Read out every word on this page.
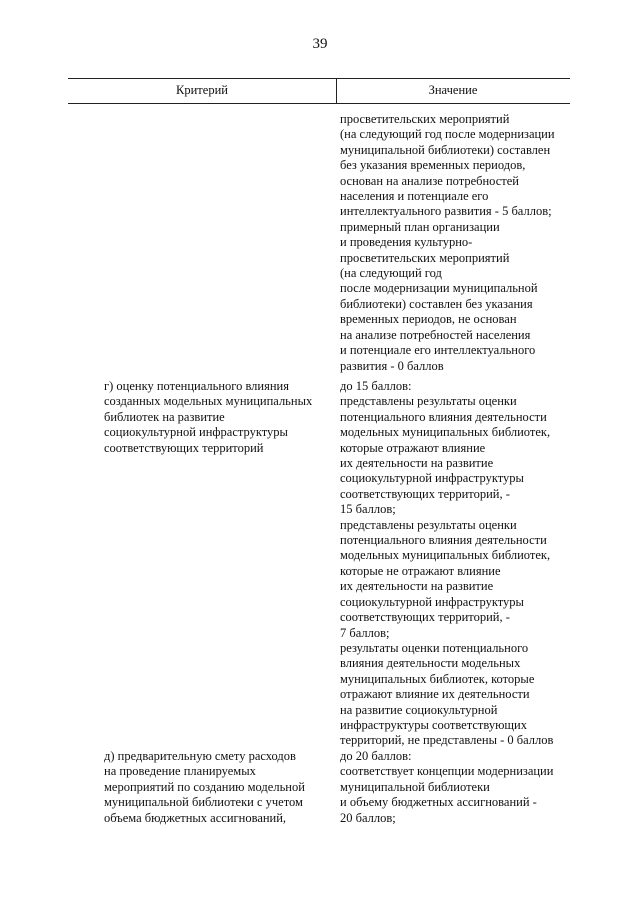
39
Критерий	Значение
просветительских мероприятий
(на следующий год после модернизации
муниципальной библиотеки) составлен
без указания временных периодов,
основан на анализе потребностей
населения и потенциале его
интеллектуального развития - 5 баллов;
примерный план организации
и проведения культурно-
просветительских мероприятий
(на следующий год
после модернизации муниципальной
библиотеки) составлен без указания
временных периодов, не основан
на анализе потребностей населения
и потенциале его интеллектуального
развития - 0 баллов
г) оценку потенциального влияния
созданных модельных муниципальных
библиотек на развитие
социокультурной инфраструктуры
соответствующих территорий
до 15 баллов:
представлены результаты оценки
потенциального влияния деятельности
модельных муниципальных библиотек,
которые отражают влияние
их деятельности на развитие
социокультурной инфраструктуры
соответствующих территорий, -
15 баллов;
представлены результаты оценки
потенциального влияния деятельности
модельных муниципальных библиотек,
которые не отражают влияние
их деятельности на развитие
социокультурной инфраструктуры
соответствующих территорий, -
7 баллов;
результаты оценки потенциального
влияния деятельности модельных
муниципальных библиотек, которые
отражают влияние их деятельности
на развитие социокультурной
инфраструктуры соответствующих
территорий, не представлены - 0 баллов
д) предварительную смету расходов
на проведение планируемых
мероприятий по созданию модельной
муниципальной библиотеки с учетом
объема бюджетных ассигнований,
до 20 баллов:
соответствует концепции модернизации
муниципальной библиотеки
и объему бюджетных ассигнований -
20 баллов;
